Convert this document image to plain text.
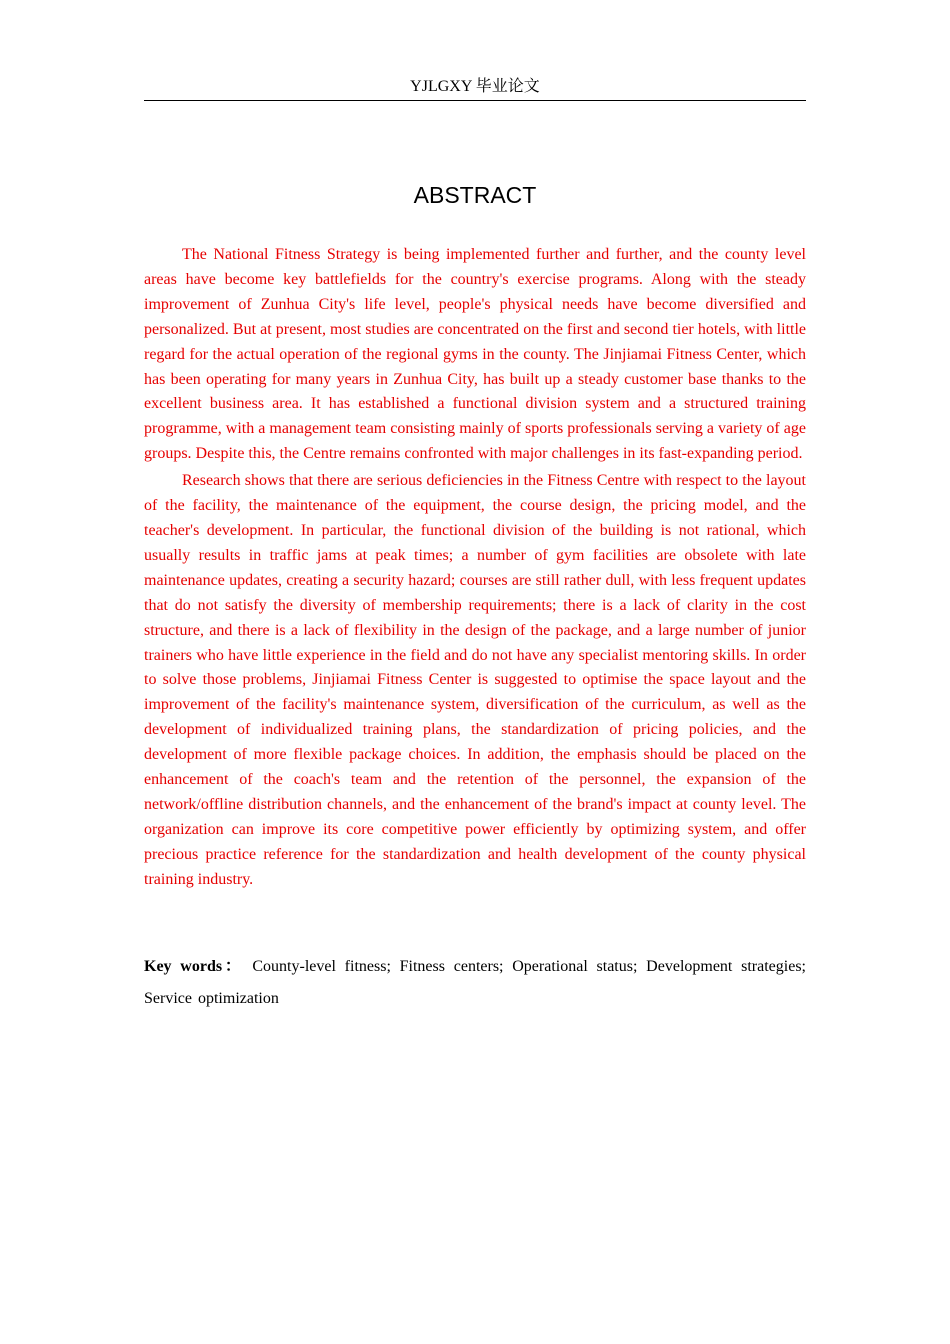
YJLGXY 毕业论文
ABSTRACT

The National Fitness Strategy is being implemented further and further, and the county level areas have become key battlefields for the country's exercise programs. Along with the steady improvement of Zunhua City's life level, people's physical needs have become diversified and personalized. But at present, most studies are concentrated on the first and second tier hotels, with little regard for the actual operation of the regional gyms in the county. The Jinjiamai Fitness Center, which has been operating for many years in Zunhua City, has built up a steady customer base thanks to the excellent business area. It has established a functional division system and a structured training programme, with a management team consisting mainly of sports professionals serving a variety of age groups. Despite this, the Centre remains confronted with major challenges in its fast-expanding period.

Research shows that there are serious deficiencies in the Fitness Centre with respect to the layout of the facility, the maintenance of the equipment, the course design, the pricing model, and the teacher's development. In particular, the functional division of the building is not rational, which usually results in traffic jams at peak times; a number of gym facilities are obsolete with late maintenance updates, creating a security hazard; courses are still rather dull, with less frequent updates that do not satisfy the diversity of membership requirements; there is a lack of clarity in the cost structure, and there is a lack of flexibility in the design of the package, and a large number of junior trainers who have little experience in the field and do not have any specialist mentoring skills. In order to solve those problems, Jinjiamai Fitness Center is suggested to optimise the space layout and the improvement of the facility's maintenance system, diversification of the curriculum, as well as the development of individualized training plans, the standardization of pricing policies, and the development of more flexible package choices. In addition, the emphasis should be placed on the enhancement of the coach's team and the retention of the personnel, the expansion of the network/offline distribution channels, and the enhancement of the brand's impact at county level. The organization can improve its core competitive power efficiently by optimizing system, and offer precious practice reference for the standardization and health development of the county physical training industry.

Key words： County-level fitness; Fitness centers; Operational status; Development strategies; Service optimization
